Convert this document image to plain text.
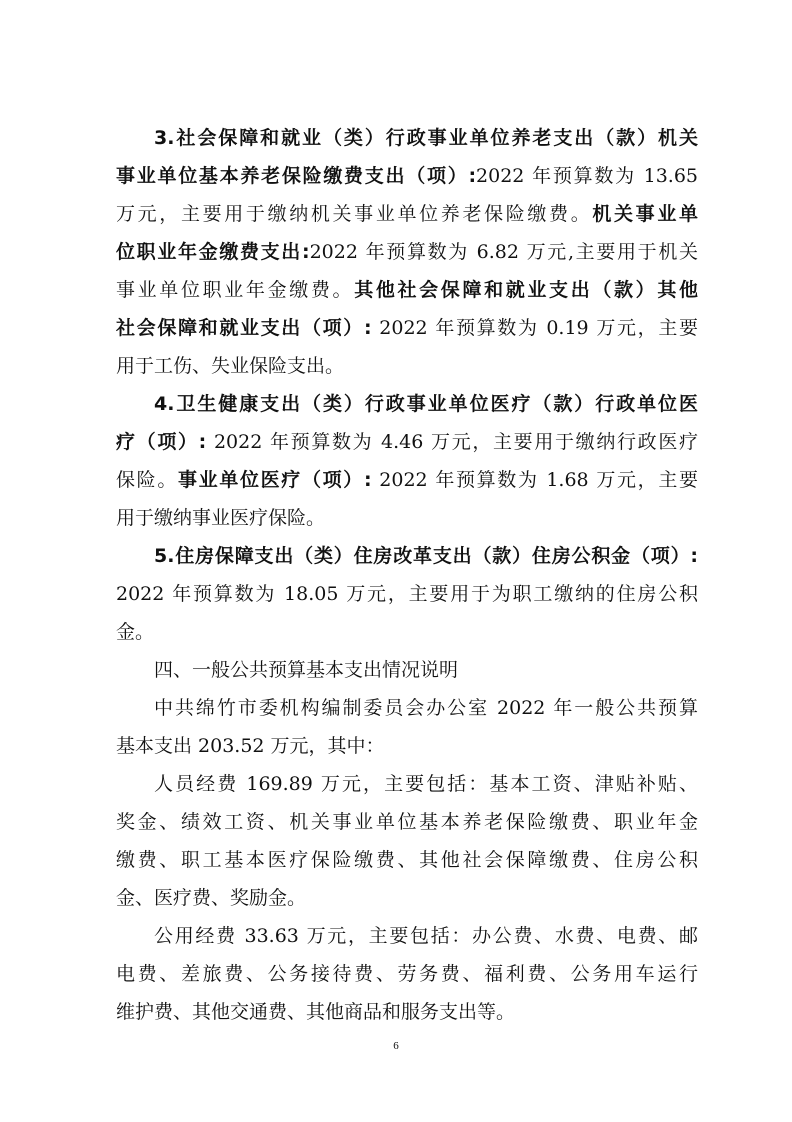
3.社会保障和就业（类）行政事业单位养老支出（款）机关
事业单位基本养老保险缴费支出（项）:2022 年预算数为 13.65
万元，主要用于缴纳机关事业单位养老保险缴费。机关事业单
位职业年金缴费支出:2022 年预算数为 6.82 万元,主要用于机关
事业单位职业年金缴费。其他社会保障和就业支出（款）其他
社会保障和就业支出（项）: 2022 年预算数为 0.19 万元，主要
用于工伤、失业保险支出。
4.卫生健康支出（类）行政事业单位医疗（款）行政单位医
疗（项）: 2022 年预算数为 4.46 万元，主要用于缴纳行政医疗
保险。事业单位医疗（项）: 2022 年预算数为 1.68 万元，主要
用于缴纳事业医疗保险。
5.住房保障支出（类）住房改革支出（款）住房公积金（项）:
2022 年预算数为 18.05 万元，主要用于为职工缴纳的住房公积
金。
四、一般公共预算基本支出情况说明
中共绵竹市委机构编制委员会办公室 2022 年一般公共预算
基本支出 203.52 万元，其中：
人员经费 169.89 万元，主要包括：基本工资、津贴补贴、
奖金、绩效工资、机关事业单位基本养老保险缴费、职业年金
缴费、职工基本医疗保险缴费、其他社会保障缴费、住房公积
金、医疗费、奖励金。
公用经费 33.63 万元，主要包括：办公费、水费、电费、邮
电费、差旅费、公务接待费、劳务费、福利费、公务用车运行
维护费、其他交通费、其他商品和服务支出等。
6
